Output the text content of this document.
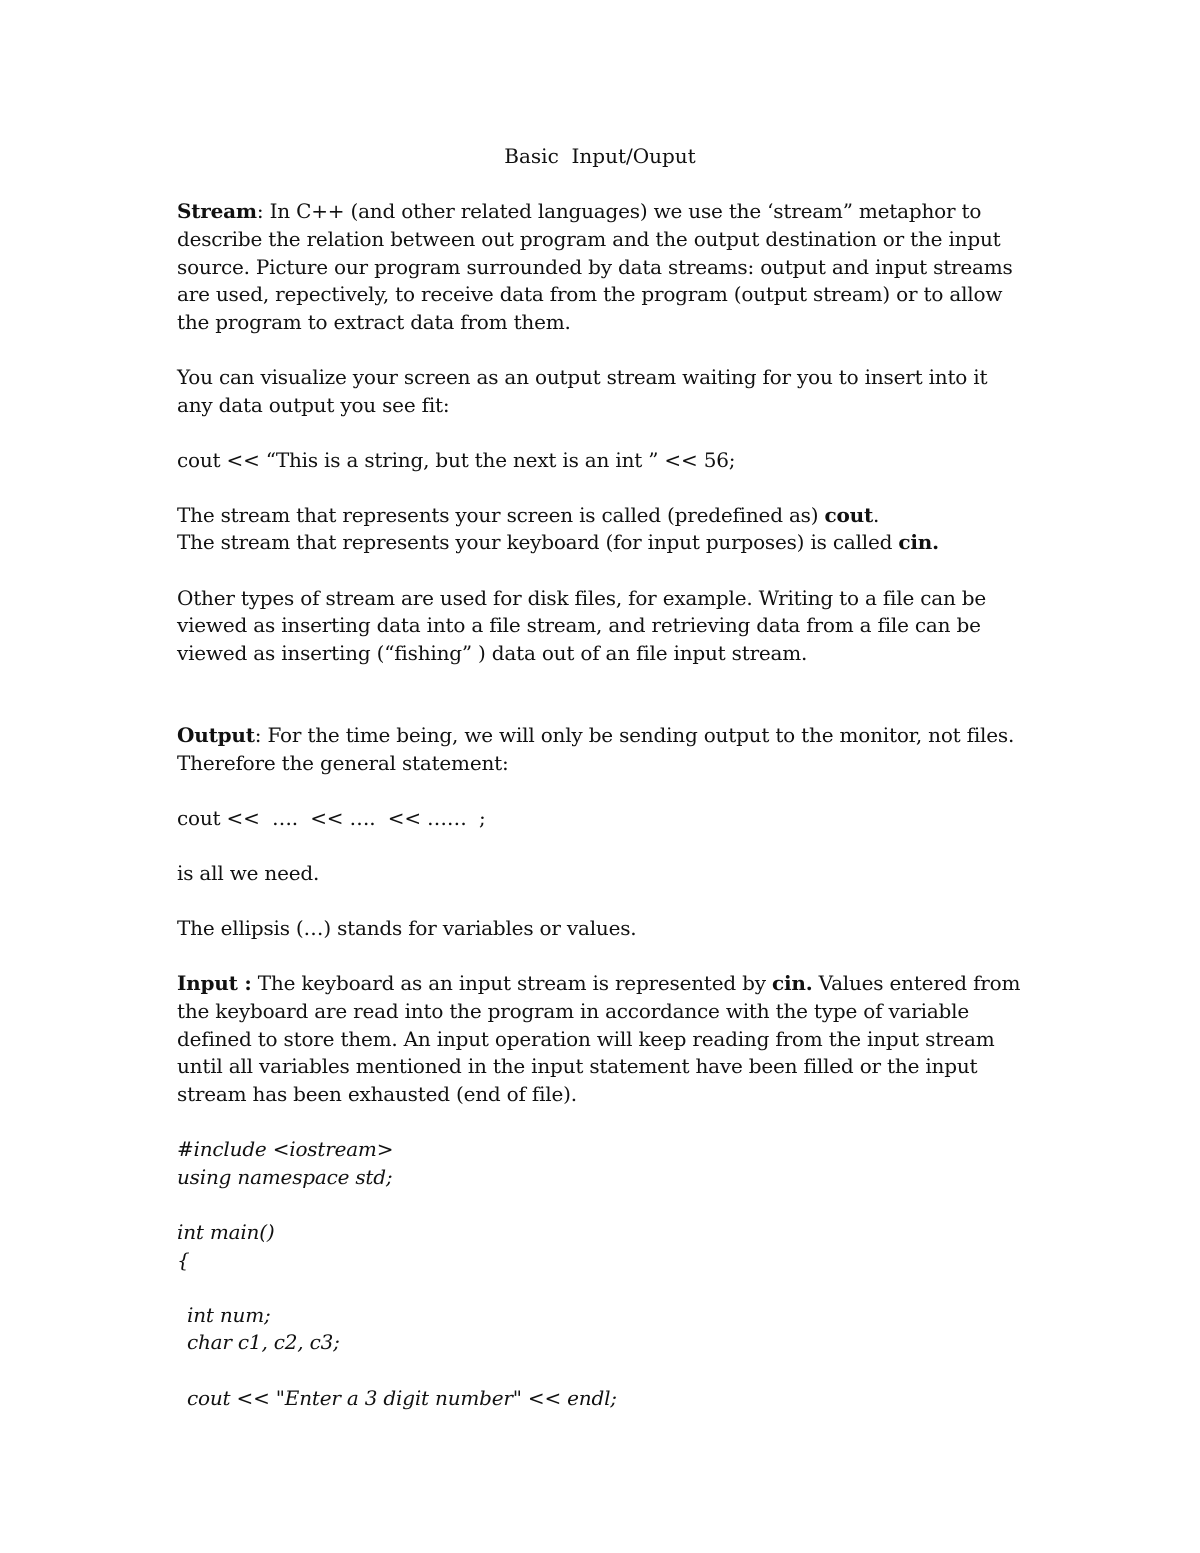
Basic  Input/Ouput
Stream: In C++ (and other related languages) we use the ‘stream” metaphor to
describe the relation between out program and the output destination or the input
source. Picture our program surrounded by data streams: output and input streams
are used, repectively, to receive data from the program (output stream) or to allow
the program to extract data from them.
You can visualize your screen as an output stream waiting for you to insert into it
any data output you see fit:
cout << “This is a string, but the next is an int ” << 56;
The stream that represents your screen is called (predefined as) cout.
The stream that represents your keyboard (for input purposes) is called cin.
Other types of stream are used for disk files, for example. Writing to a file can be
viewed as inserting data into a file stream, and retrieving data from a file can be
viewed as inserting (“fishing” ) data out of an file input stream.
Output: For the time being, we will only be sending output to the monitor, not files.
Therefore the general statement:
cout <<  ….  << ….  << ……  ;
is all we need.
The ellipsis (…) stands for variables or values.
Input : The keyboard as an input stream is represented by cin. Values entered from
the keyboard are read into the program in accordance with the type of variable
defined to store them. An input operation will keep reading from the input stream
until all variables mentioned in the input statement have been filled or the input
stream has been exhausted (end of file).
#include <iostream>
using namespace std;
int main()
{
int num;
char c1, c2, c3;
cout << "Enter a 3 digit number" << endl;
